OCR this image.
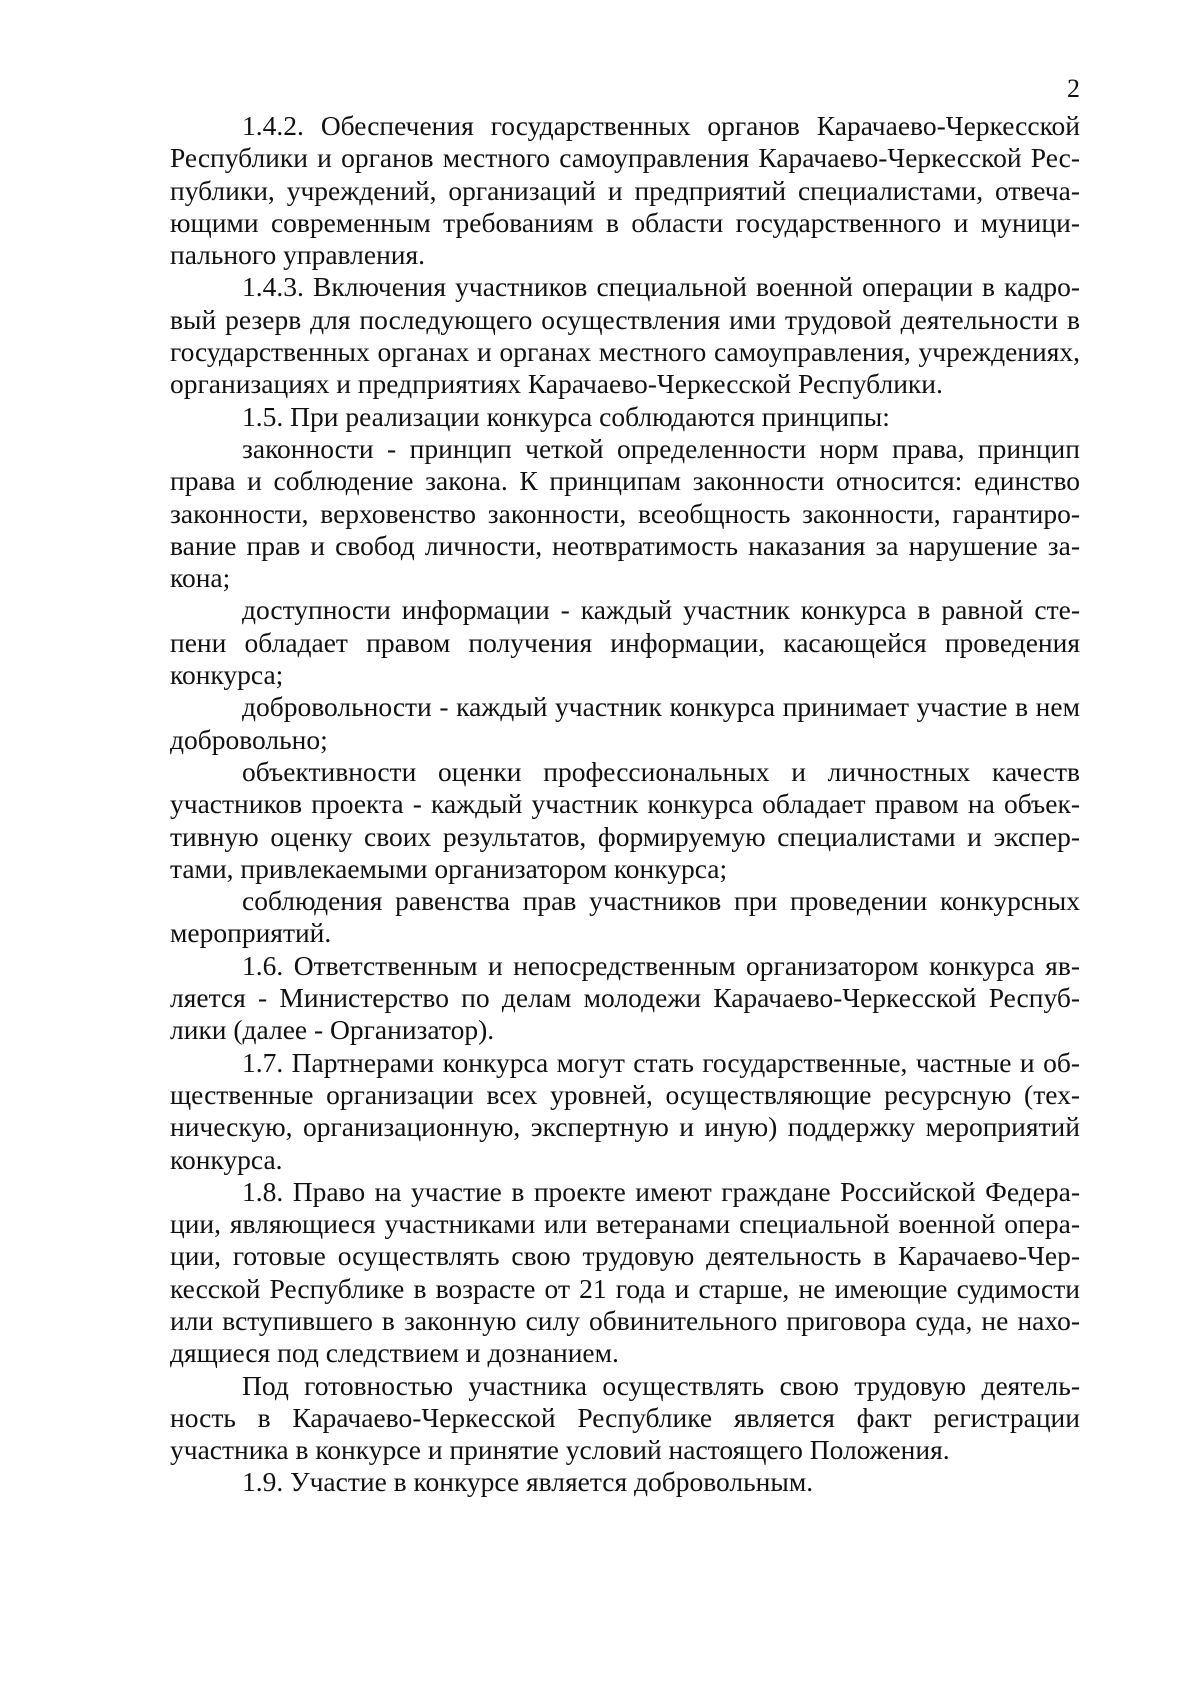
2

1.4.2. Обеспечения государственных органов Карачаево-Черкесской Республики и органов местного самоуправления Карачаево-Черкесской Республики, учреждений, организаций и предприятий специалистами, отвечающими современным требованиям в области государственного и муниципального управления.

1.4.3. Включения участников специальной военной операции в кадровый резерв для последующего осуществления ими трудовой деятельности в государственных органах и органах местного самоуправления, учреждениях, организациях и предприятиях Карачаево-Черкесской Республики.

1.5. При реализации конкурса соблюдаются принципы:

законности - принцип четкой определенности норм права, принцип права и соблюдение закона. К принципам законности относится: единство законности, верховенство законности, всеобщность законности, гарантирование прав и свобод личности, неотвратимость наказания за нарушение закона;

доступности информации - каждый участник конкурса в равной степени обладает правом получения информации, касающейся проведения конкурса;

добровольности - каждый участник конкурса принимает участие в нем добровольно;

объективности оценки профессиональных и личностных качеств участников проекта - каждый участник конкурса обладает правом на объективную оценку своих результатов, формируемую специалистами и экспертами, привлекаемыми организатором конкурса;

соблюдения равенства прав участников при проведении конкурсных мероприятий.

1.6. Ответственным и непосредственным организатором конкурса является - Министерство по делам молодежи Карачаево-Черкесской Республики (далее - Организатор).

1.7. Партнерами конкурса могут стать государственные, частные и общественные организации всех уровней, осуществляющие ресурсную (техническую, организационную, экспертную и иную) поддержку мероприятий конкурса.

1.8. Право на участие в проекте имеют граждане Российской Федерации, являющиеся участниками или ветеранами специальной военной операции, готовые осуществлять свою трудовую деятельность в Карачаево-Черкесской Республике в возрасте от 21 года и старше, не имеющие судимости или вступившего в законную силу обвинительного приговора суда, не находящиеся под следствием и дознанием.

Под готовностью участника осуществлять свою трудовую деятельность в Карачаево-Черкесской Республике является факт регистрации участника в конкурсе и принятие условий настоящего Положения.

1.9. Участие в конкурсе является добровольным.
